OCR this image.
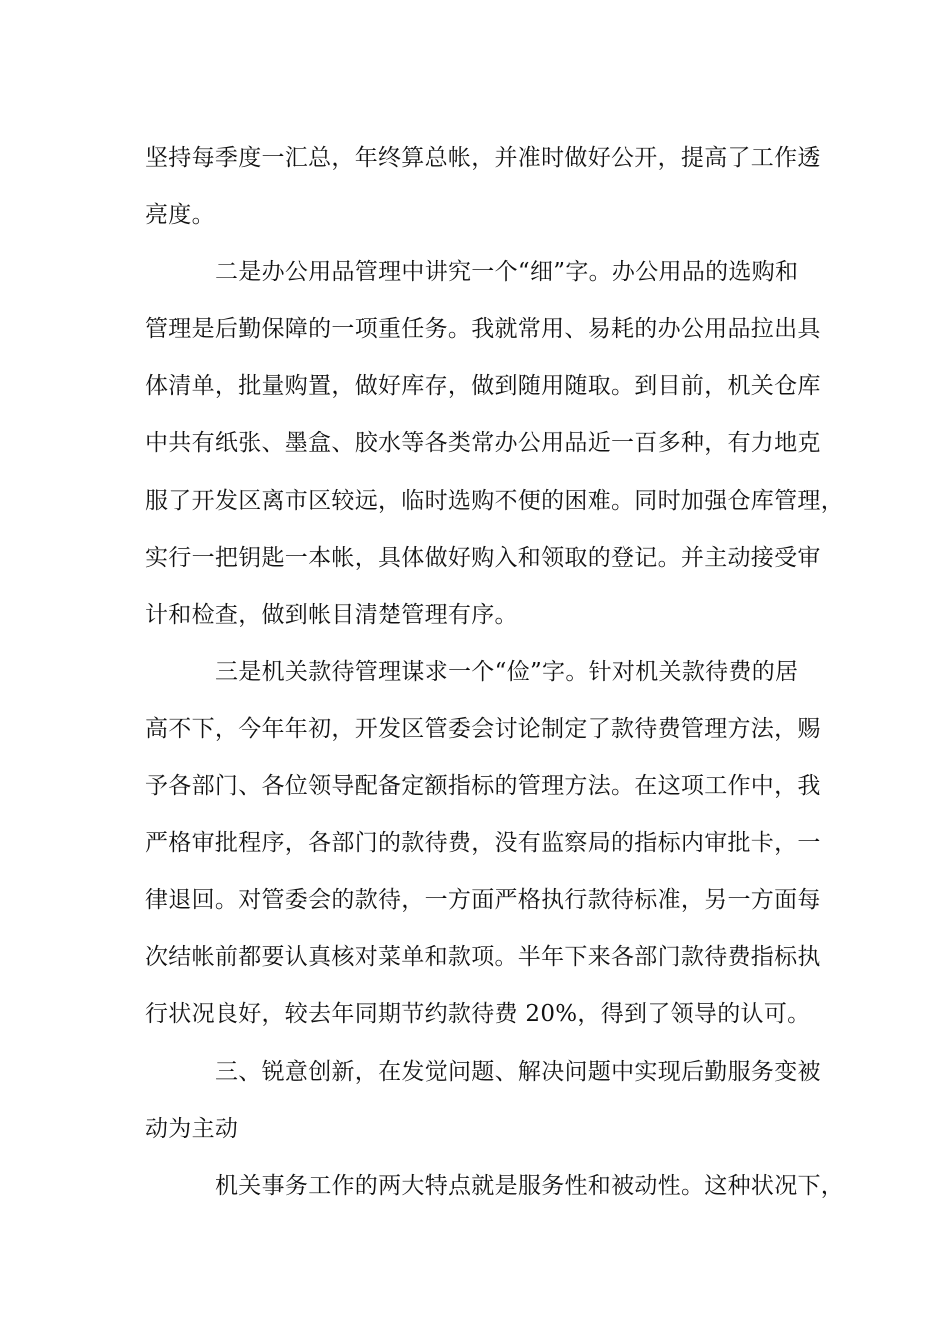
坚持每季度一汇总，年终算总帐，并准时做好公开，提高了工作透
亮度。
二是办公用品管理中讲究一个“细”字。办公用品的选购和
管理是后勤保障的一项重任务。我就常用、易耗的办公用品拉出具
体清单，批量购置，做好库存，做到随用随取。到目前，机关仓库
中共有纸张、墨盒、胶水等各类常办公用品近一百多种，有力地克
服了开发区离市区较远，临时选购不便的困难。同时加强仓库管理，
实行一把钥匙一本帐，具体做好购入和领取的登记。并主动接受审
计和检查，做到帐目清楚管理有序。
三是机关款待管理谋求一个“俭”字。针对机关款待费的居
高不下，今年年初，开发区管委会讨论制定了款待费管理方法，赐
予各部门、各位领导配备定额指标的管理方法。在这项工作中，我
严格审批程序，各部门的款待费，没有监察局的指标内审批卡，一
律退回。对管委会的款待，一方面严格执行款待标准，另一方面每
次结帐前都要认真核对菜单和款项。半年下来各部门款待费指标执
行状况良好，较去年同期节约款待费 20%，得到了领导的认可。
三、锐意创新，在发觉问题、解决问题中实现后勤服务变被
动为主动
机关事务工作的两大特点就是服务性和被动性。这种状况下，
